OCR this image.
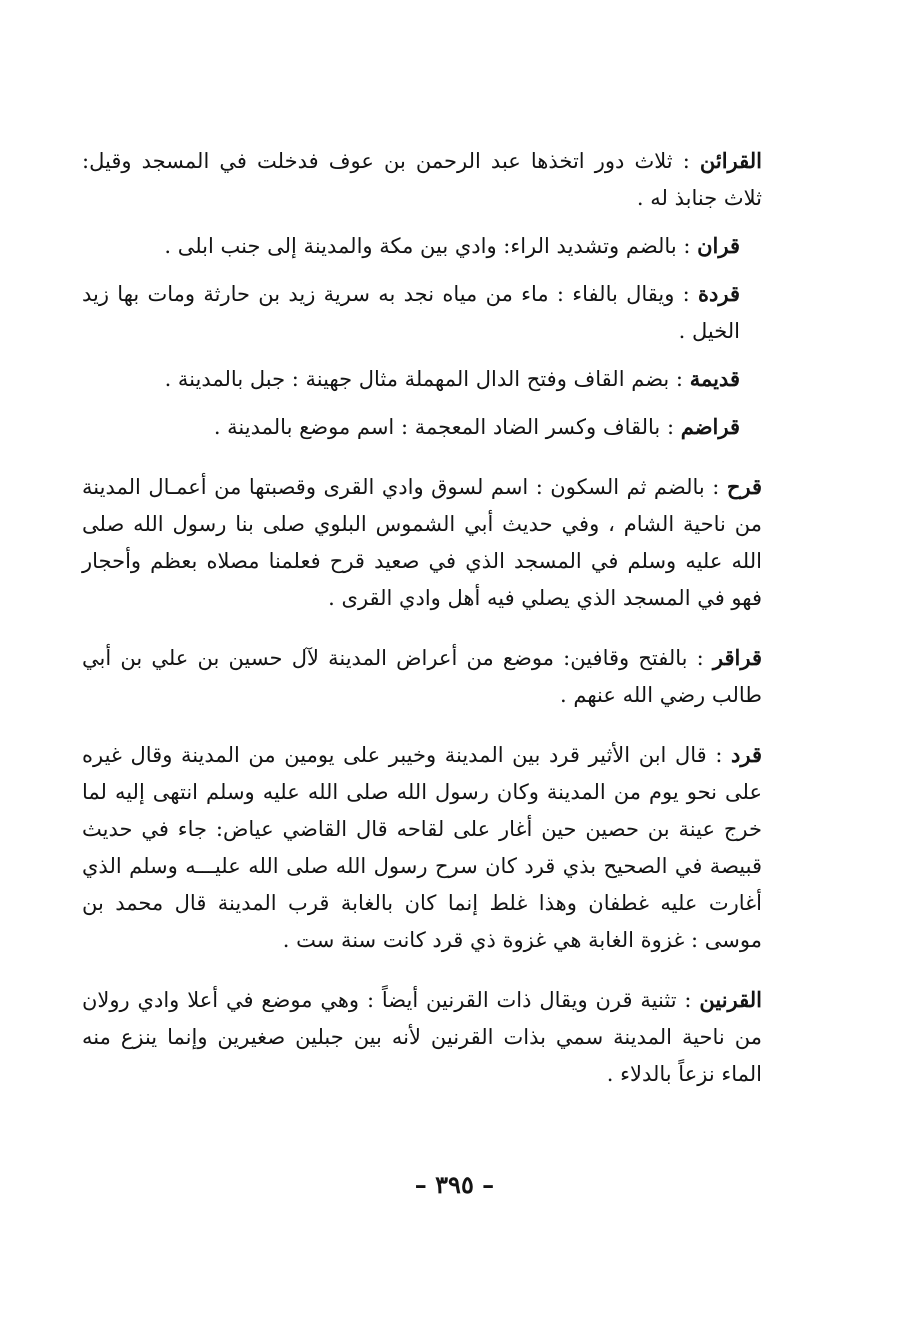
القرائن : ثلاث دور اتخذها عبد الرحمن بن عوف فدخلت في المسجد وقيل: ثلاث جنابذ له .

قران : بالضم وتشديد الراء: وادي بين مكة والمدينة إلى جنب ابلى .

قردة : ويقال بالفاء : ماء من مياه نجد به سرية زيد بن حارثة ومات بها زيد الخيل .

قديمة : بضم القاف وفتح الدال المهملة مثال جهينة : جبل بالمدينة .

قراضم : بالقاف وكسر الضاد المعجمة : اسم موضع بالمدينة .

قرح : بالضم ثم السكون : اسم لسوق وادي القرى وقصبتها من أعمـال المدينة من ناحية الشام ، وفي حديث أبي الشموس البلوي صلى بنا رسول الله صلى الله عليه وسلم في المسجد الذي في صعيد قرح فعلمنا مصلاه بعظم وأحجار فهو في المسجد الذي يصلي فيه أهل وادي القرى .

قراقر : بالفتح وقافين: موضع من أعراض المدينة لآل حسين بن علي بن أبي طالب رضي الله عنهم .

قرد : قال ابن الأثير قرد بين المدينة وخيبر على يومين من المدينة وقال غيره على نحو يوم من المدينة وكان رسول الله صلى الله عليه وسلم انتهى إليه لما خرج عينة بن حصين حين أغار على لقاحه قال القاضي عياض: جاء في حديث قبيصة في الصحيح بذي قرد كان سرح رسول الله صلى الله عليـــه وسلم الذي أغارت عليه غطفان وهذا غلط إنما كان بالغابة قرب المدينة قال محمد بن موسى : غزوة الغابة هي غزوة ذي قرد كانت سنة ست .

القرنين : تثنية قرن ويقال ذات القرنين أيضاً : وهي موضع في أعلا وادي رولان من ناحية المدينة سمي بذات القرنين لأنه بين جبلين صغيرين وإنما ينزع منه الماء نزعاً بالدلاء .

– ٣٩٥ –
